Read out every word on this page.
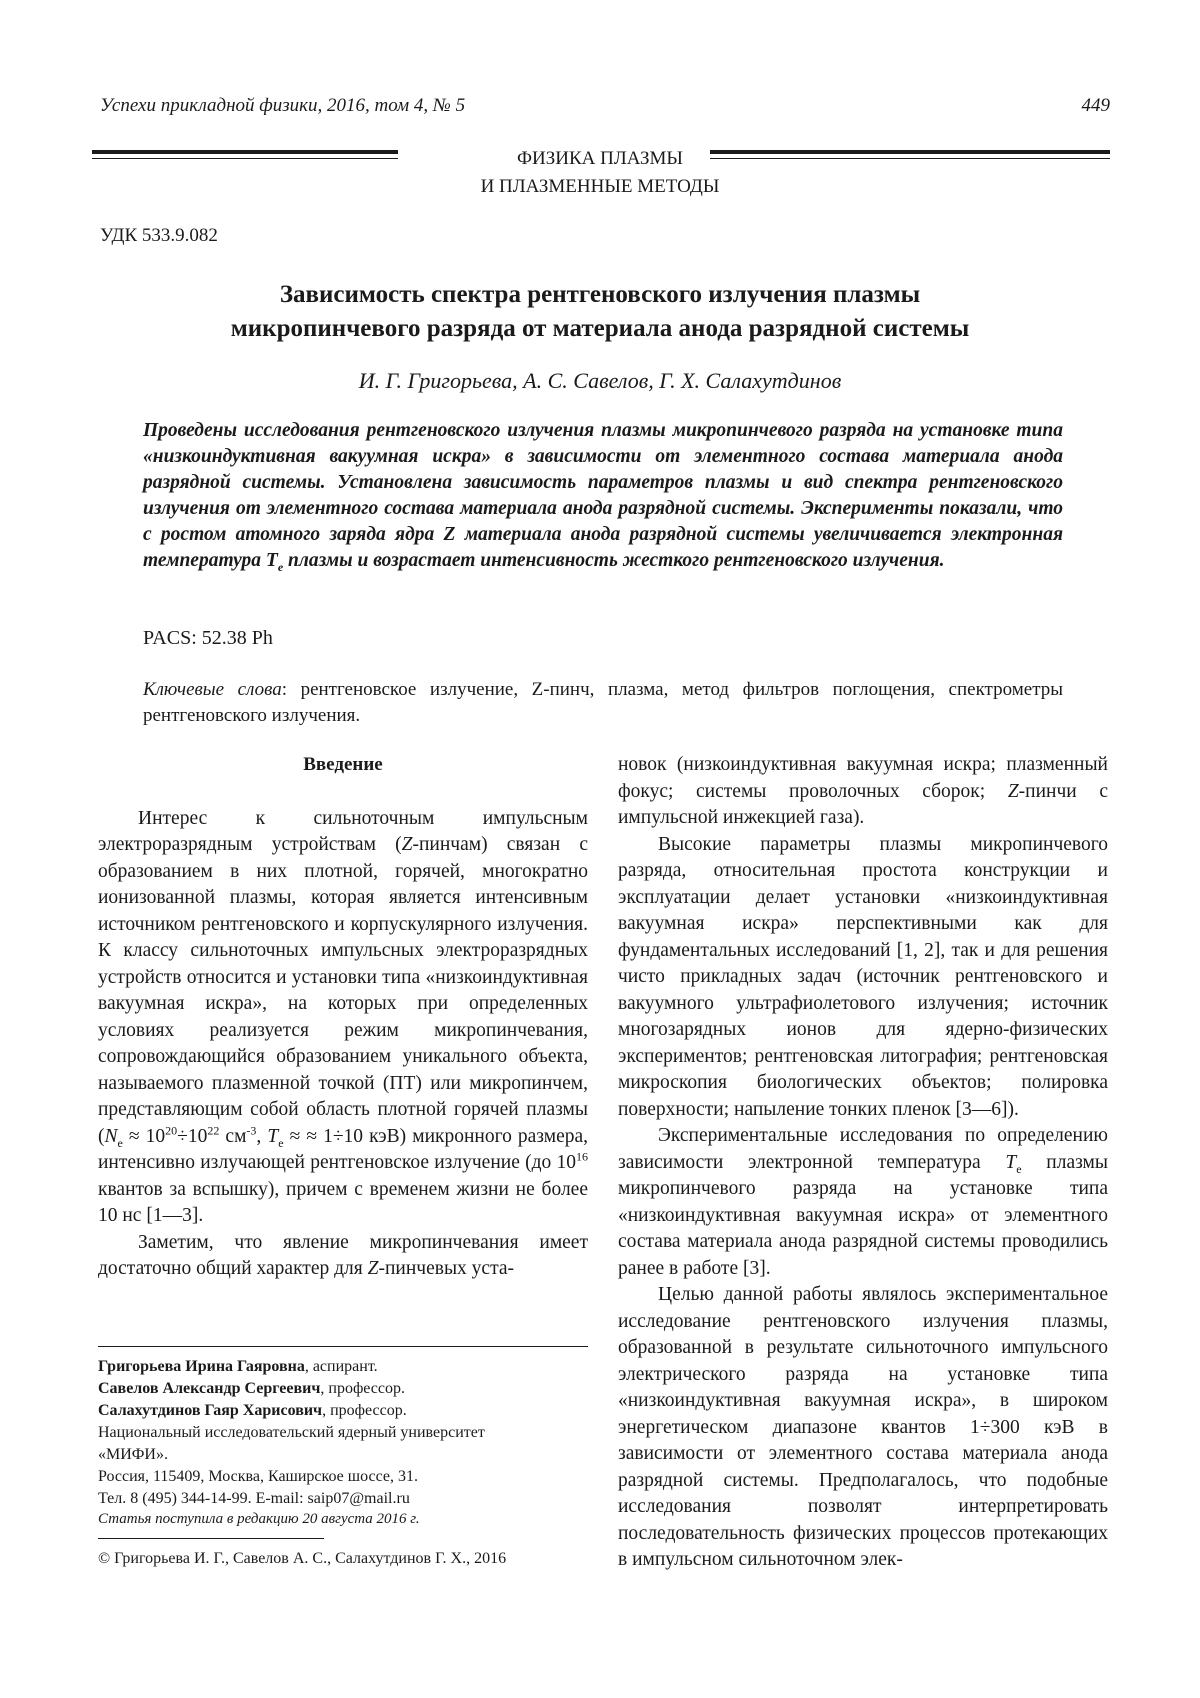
Успехи прикладной физики, 2016, том 4, № 5	449
ФИЗИКА ПЛАЗМЫ
И ПЛАЗМЕННЫЕ МЕТОДЫ
УДК 533.9.082
Зависимость спектра рентгеновского излучения плазмы
микропинчевого разряда от материала анода разрядной системы
И. Г. Григорьева, А. С. Савелов, Г. Х. Салахутдинов
Проведены исследования рентгеновского излучения плазмы микропинчевого разряда на установке типа «низкоиндуктивная вакуумная искра» в зависимости от элементного состава материала анода разрядной системы. Установлена зависимость параметров плазмы и вид спектра рентгеновского излучения от элементного состава материала анода разрядной системы. Эксперименты показали, что с ростом атомного заряда ядра Z материала анода разрядной системы увеличивается электронная температура $T_e$ плазмы и возрастает интенсивность жесткого рентгеновского излучения.
PACS: 52.38 Ph
Ключевые слова: рентгеновское излучение, Z-пинч, плазма, метод фильтров поглощения, спектрометры рентгеновского излучения.
Введение

Интерес к сильноточным импульсным электроразрядным устройствам (Z-пинчам) связан с образованием в них плотной, горячей, многократно ионизованной плазмы, которая является интенсивным источником рентгеновского и корпускулярного излучения. К классу сильноточных импульсных электроразрядных устройств относится и установки типа «низкоиндуктивная вакуумная искра», на которых при определенных условиях реализуется режим микропинчевания, сопровождающийся образованием уникального объекта, называемого плазменной точкой (ПТ) или микропинчем, представляющим собой область плотной горячей плазмы ($N_e \approx 10^{20}\div 10^{22}$ $см^{-3}$, $T_e$ ≈ ≈ 1÷10 кэВ) микронного размера, интенсивно излучающей рентгеновское излучение (до $10^{16}$ квантов за вспышку), причем с временем жизни не более 10 нс [1—3].

Заметим, что явление микропинчевания имеет достаточно общий характер для Z-пинчевых уста-

новок (низкоиндуктивная вакуумная искра; плазменный фокус; системы проволочных сборок; Z-пинчи с импульсной инжекцией газа).

Высокие параметры плазмы микропинчевого разряда, относительная простота конструкции и эксплуатации делает установки «низкоиндуктивная вакуумная искра» перспективными как для фундаментальных исследований [1, 2], так и для решения чисто прикладных задач (источник рентгеновского и вакуумного ультрафиолетового излучения; источник многозарядных ионов для ядерно-физических экспериментов; рентгеновская литография; рентгеновская микроскопия биологических объектов; полировка поверхности; напыление тонких пленок [3—6]).

Экспериментальные исследования по определению зависимости электронной температура $T_e$ плазмы микропинчевого разряда на установке типа «низкоиндуктивная вакуумная искра» от элементного состава материала анода разрядной системы проводились ранее в работе [3].

Целью данной работы являлось экспериментальное исследование рентгеновского излучения плазмы, образованной в результате сильноточного импульсного электрического разряда на установке типа «низкоиндуктивная вакуумная искра», в широком энергетическом диапазоне квантов 1÷300 кэВ в зависимости от элементного состава материала анода разрядной системы. Предполагалось, что подобные исследования позволят интерпретировать последовательность физических процессов протекающих в импульсном сильноточном элек-

Григорьева Ирина Гаяровна, аспирант.
Савелов Александр Сергеевич, профессор.
Салахутдинов Гаяр Харисович, профессор.
Национальный исследовательский ядерный университет
«МИФИ».
Россия, 115409, Москва, Каширское шоссе, 31.
Тел. 8 (495) 344-14-99. E-mail: saip07@mail.ru
Статья поступила в редакцию 20 августа 2016 г.
© Григорьева И. Г., Савелов А. С., Салахутдинов Г. Х., 2016
